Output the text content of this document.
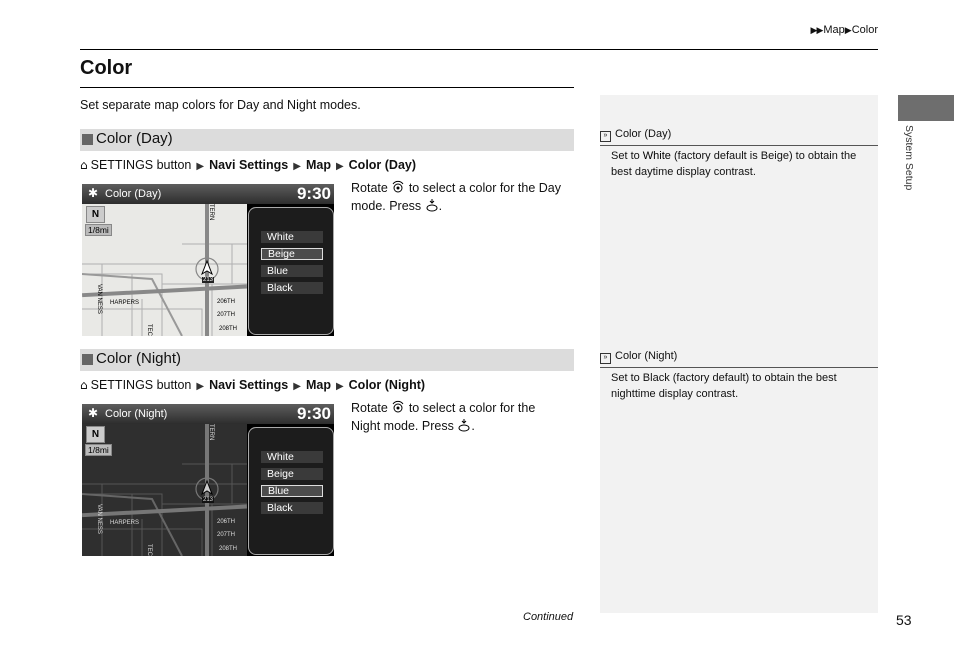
▶▶Map▶Color
Color
Set separate map colors for Day and Night modes.
Color (Day)
⌂ SETTINGS button ▶ Navi Settings ▶ Map ▶ Color (Day)
✱ Color (Day)	9:30
N
1/8mi
HARPERS	206TH
207TH
208TH
VAN NESS
TERN
TEC
213
White
Beige
Blue
Black
Rotate to select a color for the Day mode. Press .
Color (Night)
⌂ SETTINGS button ▶ Navi Settings ▶ Map ▶ Color (Night)
✱ Color (Night)	9:30
N
1/8mi
HARPERS	206TH
207TH
208TH
VAN NESS
TERN
TEC
213
White
Beige
Blue
Black
Rotate to select a color for the Night mode. Press .
» Color (Day)
Set to White (factory default is Beige) to obtain the best daytime display contrast.
» Color (Night)
Set to Black (factory default) to obtain the best nighttime display contrast.
System Setup
Continued	53
